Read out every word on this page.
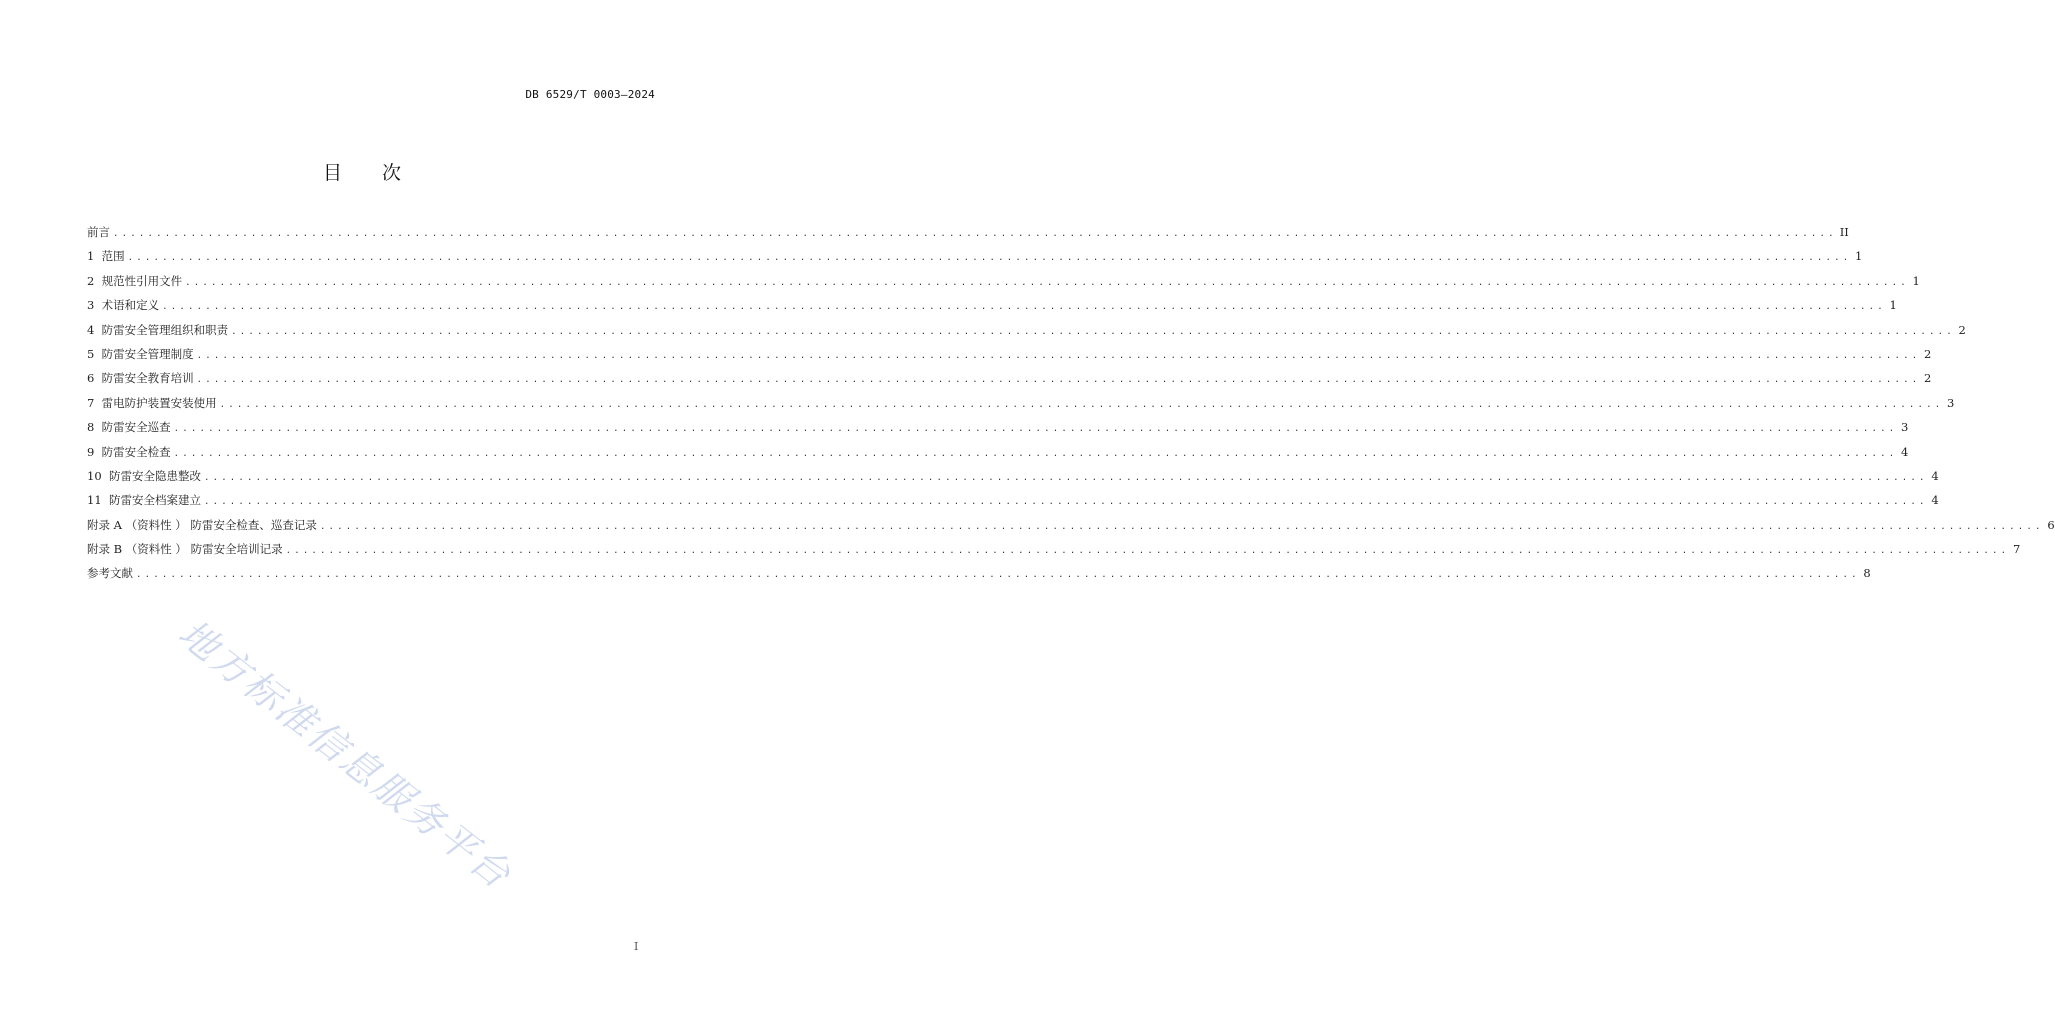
DB 6529/T 0003—2024
目 次
前言 ........................................................................................................................................................................................................ II
1  范围 ........................................................................................................................................................................................................ 1
2  规范性引用文件 ........................................................................................................................................................................................................ 1
3  术语和定义 ........................................................................................................................................................................................................ 1
4  防雷安全管理组织和职责 ........................................................................................................................................................................................................ 2
5  防雷安全管理制度 ........................................................................................................................................................................................................ 2
6  防雷安全教育培训 ........................................................................................................................................................................................................ 2
7  雷电防护装置安装使用 ........................................................................................................................................................................................................ 3
8  防雷安全巡查 ........................................................................................................................................................................................................ 3
9  防雷安全检查 ........................................................................................................................................................................................................ 4
10  防雷安全隐患整改 ........................................................................................................................................................................................................ 4
11  防雷安全档案建立 ........................................................................................................................................................................................................ 4
附录 A （资料性 ） 防雷安全检查、巡查记录 ........................................................................................................................................................................................................ 6
附录 B （资料性 ） 防雷安全培训记录 ........................................................................................................................................................................................................ 7
参考文献 ........................................................................................................................................................................................................ 8
地方标准信息服务平台
I
